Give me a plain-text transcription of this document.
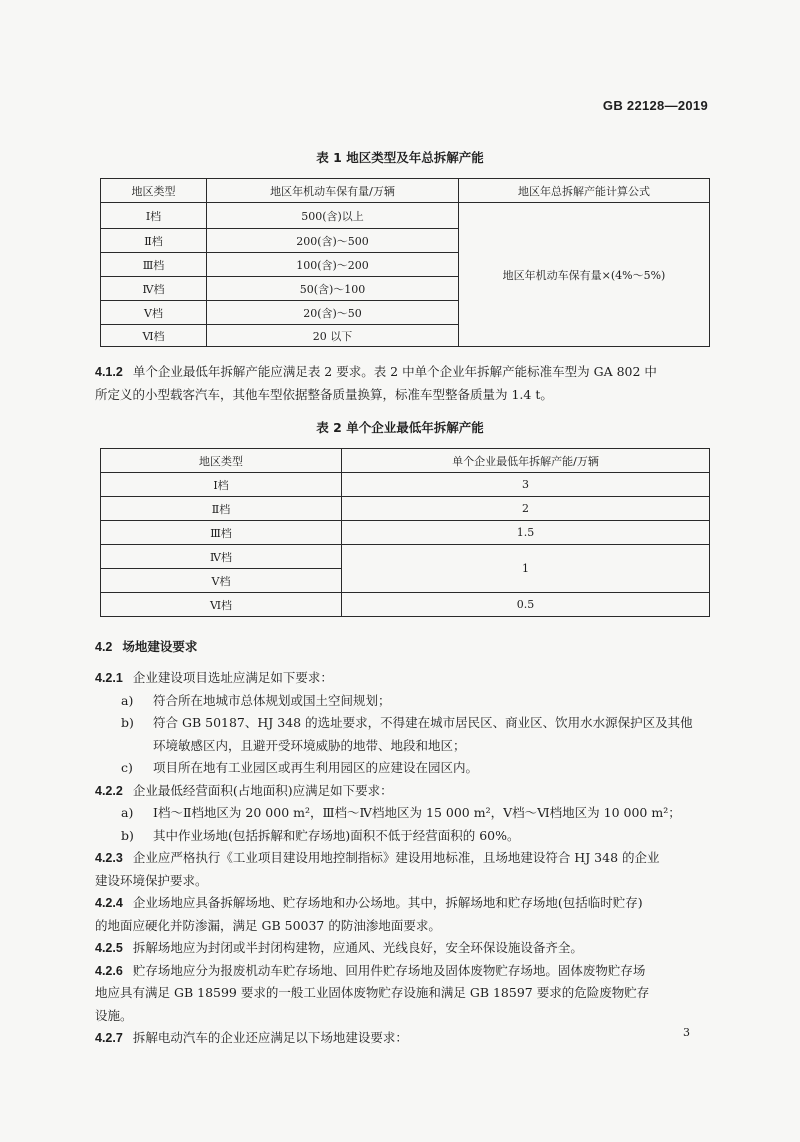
GB 22128—2019
表 1 地区类型及年总拆解产能
地区类型	地区年机动车保有量/万辆	地区年总拆解产能计算公式
Ⅰ档	500(含)以上	地区年机动车保有量×(4%～5%)
Ⅱ档	200(含)～500	
Ⅲ档	100(含)～200	
Ⅳ档	50(含)～100	
Ⅴ档	20(含)～50	
Ⅵ档	20 以下	

4.1.2 单个企业最低年拆解产能应满足表 2 要求。表 2 中单个企业年拆解产能标准车型为 GA 802 中

所定义的小型载客汽车，其他车型依据整备质量换算，标准车型整备质量为 1.4 t。

表 2 单个企业最低年拆解产能
地区类型	单个企业最低年拆解产能/万辆
Ⅰ档	3
Ⅱ档	2
Ⅲ档	1.5
Ⅳ档	1
Ⅴ档	
Ⅵ档	0.5

4.2 场地建设要求

4.2.1 企业建设项目选址应满足如下要求：

a) 符合所在地城市总体规划或国土空间规划；

b) 符合 GB 50187、HJ 348 的选址要求，不得建在城市居民区、商业区、饮用水水源保护区及其他

环境敏感区内，且避开受环境威胁的地带、地段和地区；

c) 项目所在地有工业园区或再生利用园区的应建设在园区内。

4.2.2 企业最低经营面积(占地面积)应满足如下要求：

a) Ⅰ档～Ⅱ档地区为 20 000 m²，Ⅲ档～Ⅳ档地区为 15 000 m²，Ⅴ档～Ⅵ档地区为 10 000 m²；

b) 其中作业场地(包括拆解和贮存场地)面积不低于经营面积的 60%。

4.2.3 企业应严格执行《工业项目建设用地控制指标》建设用地标准，且场地建设符合 HJ 348 的企业

建设环境保护要求。

4.2.4 企业场地应具备拆解场地、贮存场地和办公场地。其中，拆解场地和贮存场地(包括临时贮存)

的地面应硬化并防渗漏，满足 GB 50037 的防油渗地面要求。

4.2.5 拆解场地应为封闭或半封闭构建物，应通风、光线良好，安全环保设施设备齐全。

4.2.6 贮存场地应分为报废机动车贮存场地、回用件贮存场地及固体废物贮存场地。固体废物贮存场

地应具有满足 GB 18599 要求的一般工业固体废物贮存设施和满足 GB 18597 要求的危险废物贮存

设施。

4.2.7 拆解电动汽车的企业还应满足以下场地建设要求：	3
